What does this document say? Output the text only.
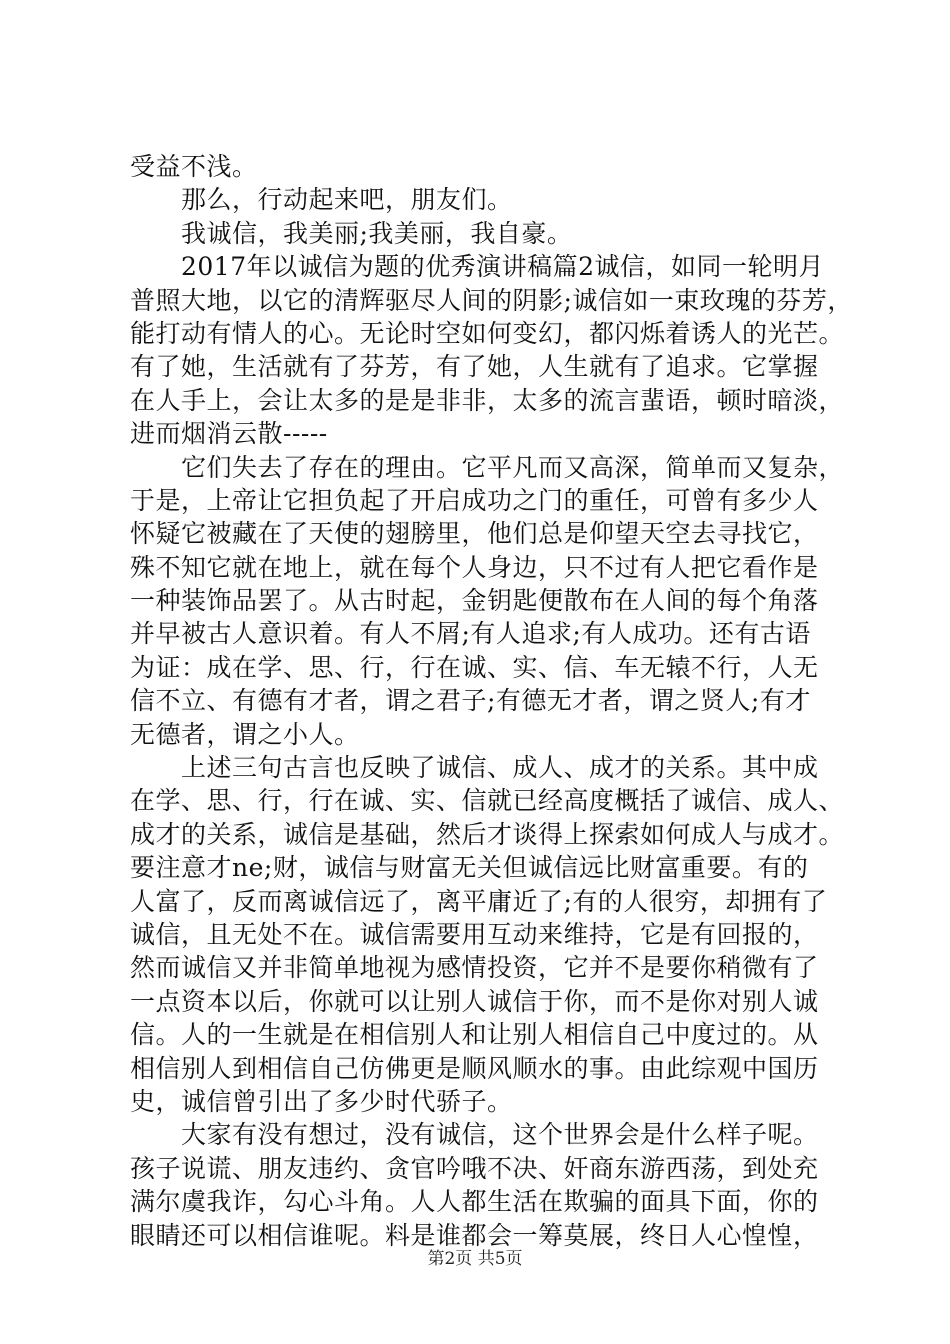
受益不浅。
　　那么，行动起来吧，朋友们。
　　我诚信，我美丽;我美丽，我自豪。
　　2017年以诚信为题的优秀演讲稿篇2诚信，如同一轮明月
普照大地，以它的清辉驱尽人间的阴影;诚信如一束玫瑰的芬芳，
能打动有情人的心。无论时空如何变幻，都闪烁着诱人的光芒。
有了她，生活就有了芬芳，有了她，人生就有了追求。它掌握
在人手上，会让太多的是是非非，太多的流言蜚语，顿时暗淡，
进而烟消云散-----
　　它们失去了存在的理由。它平凡而又高深，简单而又复杂，
于是，上帝让它担负起了开启成功之门的重任，可曾有多少人
怀疑它被藏在了天使的翅膀里，他们总是仰望天空去寻找它，
殊不知它就在地上，就在每个人身边，只不过有人把它看作是
一种装饰品罢了。从古时起，金钥匙便散布在人间的每个角落
并早被古人意识着。有人不屑;有人追求;有人成功。还有古语
为证：成在学、思、行，行在诚、实、信、车无辕不行，人无
信不立、有德有才者，谓之君子;有德无才者，谓之贤人;有才
无德者，谓之小人。
　　上述三句古言也反映了诚信、成人、成才的关系。其中成
在学、思、行，行在诚、实、信就已经高度概括了诚信、成人、
成才的关系，诚信是基础，然后才谈得上探索如何成人与成才。
要注意才ne;财，诚信与财富无关但诚信远比财富重要。有的
人富了，反而离诚信远了，离平庸近了;有的人很穷，却拥有了
诚信，且无处不在。诚信需要用互动来维持，它是有回报的，
然而诚信又并非简单地视为感情投资，它并不是要你稍微有了
一点资本以后，你就可以让别人诚信于你，而不是你对别人诚
信。人的一生就是在相信别人和让别人相信自己中度过的。从
相信别人到相信自己仿佛更是顺风顺水的事。由此综观中国历
史，诚信曾引出了多少时代骄子。
　　大家有没有想过，没有诚信，这个世界会是什么样子呢。
孩子说谎、朋友违约、贪官吟哦不决、奸商东游西荡，到处充
满尔虞我诈，勾心斗角。人人都生活在欺骗的面具下面，你的
眼睛还可以相信谁呢。料是谁都会一筹莫展，终日人心惶惶，
第2页 共5页
